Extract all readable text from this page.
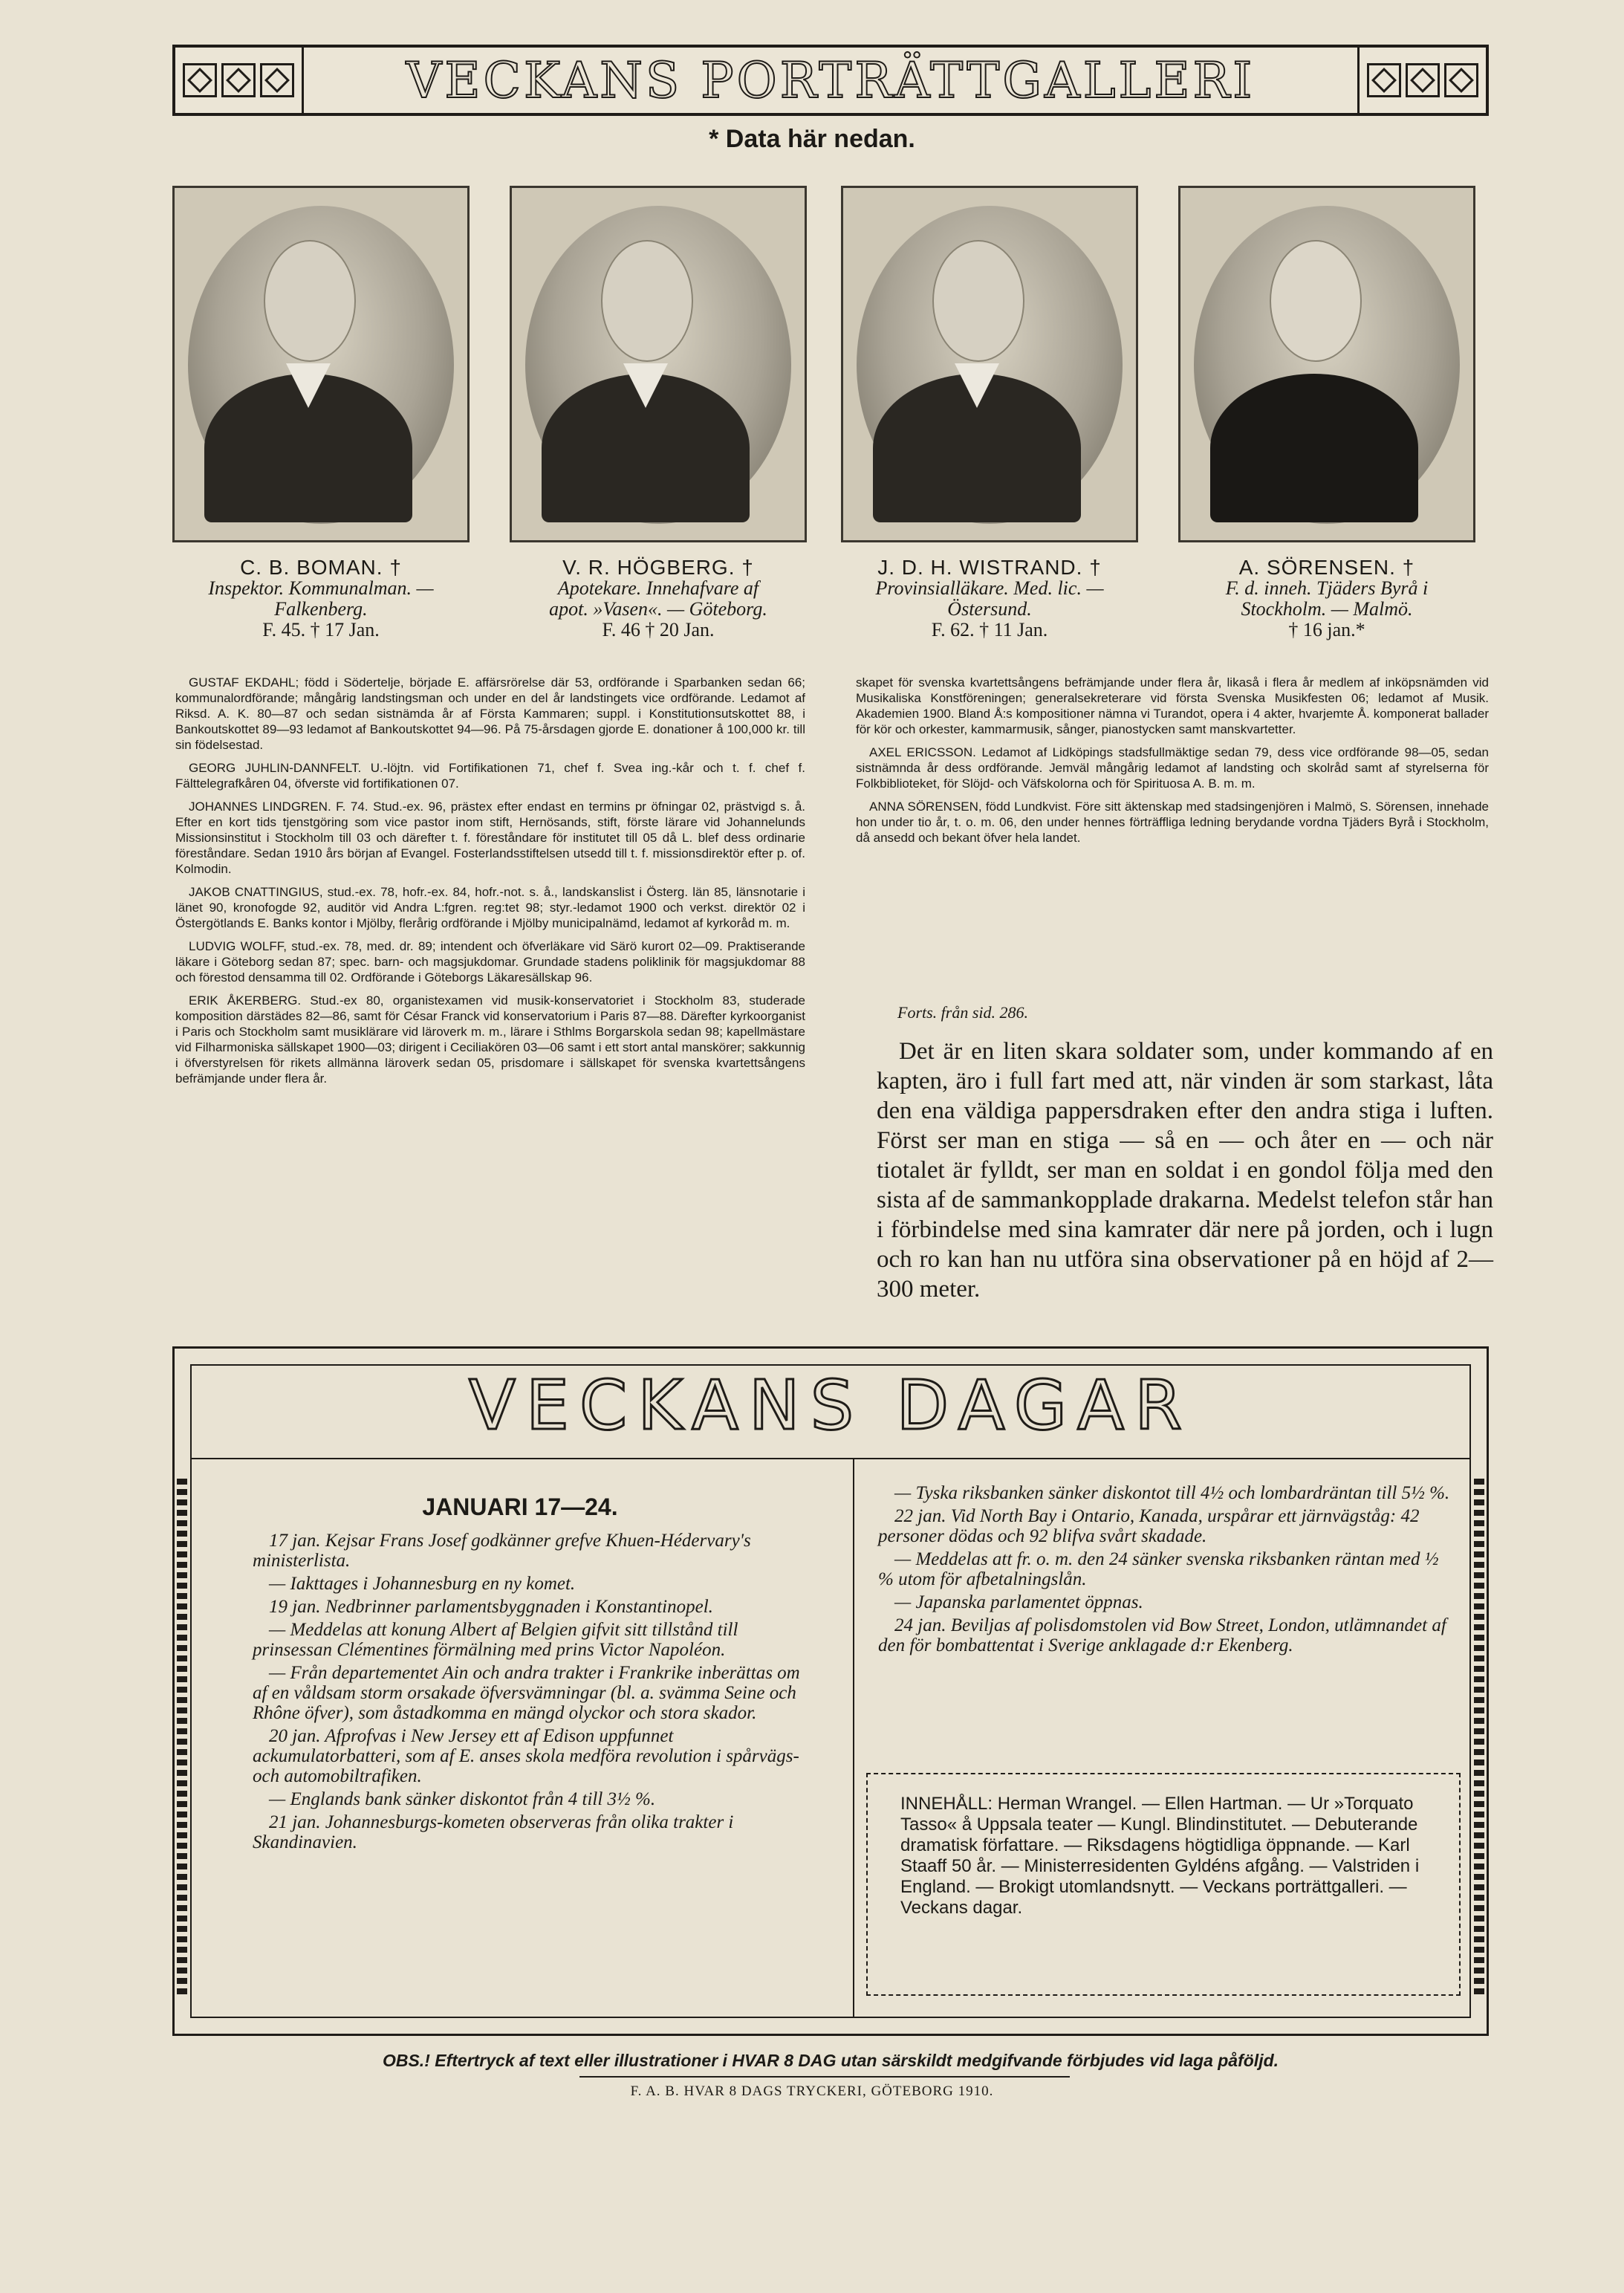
VECKANS PORTRÄTTGALLERI
* Data här nedan.
C. B. BOMAN. †
Inspektor. Kommunalman. —
Falkenberg.
F. 45. † 17 Jan.
V. R. HÖGBERG. †
Apotekare. Innehafvare af
apot. »Vasen«. — Göteborg.
F. 46 † 20 Jan.
J. D. H. WISTRAND. †
Provinsialläkare. Med. lic. —
Östersund.
F. 62. † 11 Jan.
A. SÖRENSEN. †
F. d. inneh. Tjäders Byrå i
Stockholm. — Malmö.
† 16 jan.*

GUSTAF EKDAHL; född i Södertelje, började E. affärsrörelse där 53, ordförande i Sparbanken sedan 66; kommunalordförande; mångårig landstingsman och under en del år landstingets vice ordförande. Ledamot af Riksd. A. K. 80—87 och sedan sistnämda år af Första Kammaren; suppl. i Konstitutionsutskottet 88, i Bankoutskottet 89—93 ledamot af Bankoutskottet 94—96. På 75-årsdagen gjorde E. donationer å 100,000 kr. till sin födelsestad.

GEORG JUHLIN-DANNFELT. U.-löjtn. vid Fortifikationen 71, chef f. Svea ing.-kår och t. f. chef f. Fälttelegrafkåren 04, öfverste vid fortifikationen 07.

JOHANNES LINDGREN. F. 74. Stud.-ex. 96, prästex efter endast en termins pr öfningar 02, prästvigd s. å. Efter en kort tids tjenstgöring som vice pastor inom stift, Hernösands, stift, förste lärare vid Johannelunds Missionsinstitut i Stockholm till 03 och därefter t. f. föreståndare för institutet till 05 då L. blef dess ordinarie föreståndare. Sedan 1910 års början af Evangel. Fosterlandsstiftelsen utsedd till t. f. missionsdirektör efter p. of. Kolmodin.

JAKOB CNATTINGIUS, stud.-ex. 78, hofr.-ex. 84, hofr.-not. s. å., landskanslist i Österg. län 85, länsnotarie i länet 90, kronofogde 92, auditör vid Andra L:fgren. reg:tet 98; styr.-ledamot 1900 och verkst. direktör 02 i Östergötlands E. Banks kontor i Mjölby, flerårig ordförande i Mjölby municipalnämd, ledamot af kyrkoråd m. m.

LUDVIG WOLFF, stud.-ex. 78, med. dr. 89; intendent och öfverläkare vid Särö kurort 02—09. Praktiserande läkare i Göteborg sedan 87; spec. barn- och magsjukdomar. Grundade stadens poliklinik för magsjukdomar 88 och förestod densamma till 02. Ordförande i Göteborgs Läkaresällskap 96.

ERIK ÅKERBERG. Stud.-ex 80, organistexamen vid musik-konservatoriet i Stockholm 83, studerade komposition därstädes 82—86, samt för César Franck vid konservatorium i Paris 87—88. Därefter kyrkoorganist i Paris och Stockholm samt musiklärare vid läroverk m. m., lärare i Sthlms Borgarskola sedan 98; kapellmästare vid Filharmoniska sällskapet 1900—03; dirigent i Ceciliakören 03—06 samt i ett stort antal manskörer; sakkunnig i öfverstyrelsen för rikets allmänna läroverk sedan 05, prisdomare i sällskapet för svenska kvartettsångens befrämjande under flera år.

skapet för svenska kvartettsångens befrämjande under flera år, likaså i flera år medlem af inköpsnämden vid Musikaliska Konstföreningen; generalsekreterare vid första Svenska Musikfesten 06; ledamot af Musik. Akademien 1900. Bland Å:s kompositioner nämna vi Turandot, opera i 4 akter, hvarjemte Å. komponerat ballader för kör och orkester, kammarmusik, sånger, pianostycken samt manskvartetter.

AXEL ERICSSON. Ledamot af Lidköpings stadsfullmäktige sedan 79, dess vice ordförande 98—05, sedan sistnämnda år dess ordförande. Jemväl mångårig ledamot af landsting och skolråd samt af styrelserna för Folkbiblioteket, för Slöjd- och Väfskolorna och för Spirituosa A. B. m. m.

ANNA SÖRENSEN, född Lundkvist. Före sitt äktenskap med stadsingenjören i Malmö, S. Sörensen, innehade hon under tio år, t. o. m. 06, den under hennes förträffliga ledning berydande vordna Tjäders Byrå i Stockholm, då ansedd och bekant öfver hela landet.

Forts. från sid. 286.
Det är en liten skara soldater som, under kommando af en kapten, äro i full fart med att, när vinden är som starkast, låta den ena väldiga pappersdraken efter den andra stiga i luften. Först ser man en stiga — så en — och åter en — och när tiotalet är fylldt, ser man en soldat i en gondol följa med den sista af de sammankopplade drakarna. Medelst telefon står han i förbindelse med sina kamrater där nere på jorden, och i lugn och ro kan han nu utföra sina observationer på en höjd af 2—300 meter.
VECKANS DAGAR
JANUARI 17—24.

17 jan. Kejsar Frans Josef godkänner grefve Khuen-Hédervary's ministerlista.

— Iakttages i Johannesburg en ny komet.

19 jan. Nedbrinner parlamentsbyggnaden i Konstantinopel.

— Meddelas att konung Albert af Belgien gifvit sitt tillstånd till prinsessan Clémentines förmälning med prins Victor Napoléon.

— Från departementet Ain och andra trakter i Frankrike inberättas om af en våldsam storm orsakade öfversvämningar (bl. a. svämma Seine och Rhône öfver), som åstadkomma en mängd olyckor och stora skador.

20 jan. Afprofvas i New Jersey ett af Edison uppfunnet ackumulatorbatteri, som af E. anses skola medföra revolution i spårvägs- och automobiltrafiken.

— Englands bank sänker diskontot från 4 till 3½ %.

21 jan. Johannesburgs-kometen observeras från olika trakter i Skandinavien.

— Tyska riksbanken sänker diskontot till 4½ och lombardräntan till 5½ %.

22 jan. Vid North Bay i Ontario, Kanada, urspårar ett järnvägståg: 42 personer dödas och 92 blifva svårt skadade.

— Meddelas att fr. o. m. den 24 sänker svenska riksbanken räntan med ½ % utom för afbetalningslån.

— Japanska parlamentet öppnas.

24 jan. Beviljas af polisdomstolen vid Bow Street, London, utlämnandet af den för bombattentat i Sverige anklagade d:r Ekenberg.

INNEHÅLL: Herman Wrangel. — Ellen Hartman. — Ur »Torquato Tasso« å Uppsala teater — Kungl. Blindinstitutet. — Debuterande dramatisk författare. — Riksdagens högtidliga öppnande. — Karl Staaff 50 år. — Ministerresidenten Gyldéns afgång. — Valstriden i England. — Brokigt utomlandsnytt. — Veckans porträttgalleri. — Veckans dagar.
OBS.! Eftertryck af text eller illustrationer i HVAR 8 DAG utan särskildt medgifvande förbjudes vid laga påföljd.
F. A. B. HVAR 8 DAGS TRYCKERI, GÖTEBORG 1910.
